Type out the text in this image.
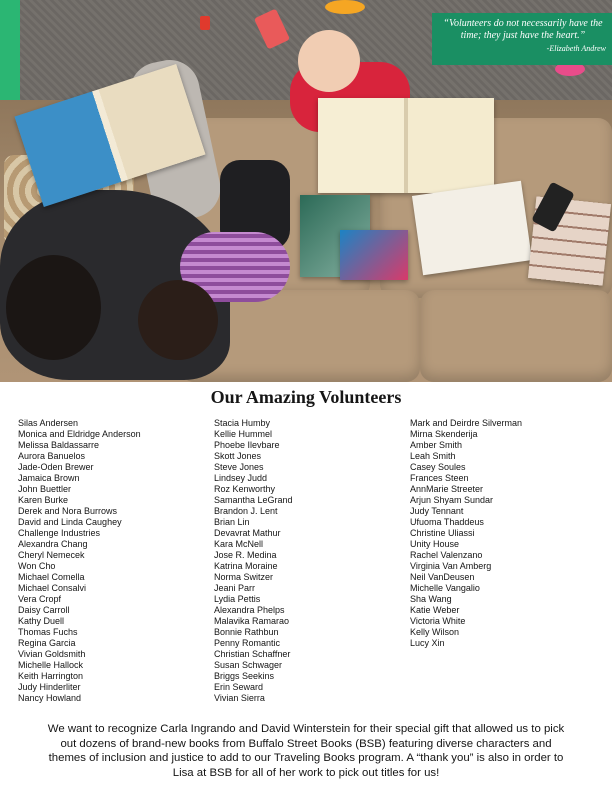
“Volunteers do not necessarily have the time; they just have the heart.”
-Elizabeth Andrew
Our Amazing Volunteers
Silas Andersen
Monica and Eldridge Anderson
Melissa Baldassarre
Aurora Banuelos
Jade-Oden Brewer
Jamaica Brown
John Buettler
Karen Burke
Derek and Nora Burrows
David and Linda Caughey
Challenge Industries
Alexandra Chang
Cheryl Nemecek
Won Cho
Michael Comella
Michael Consalvi
Vera Cropf
Daisy Carroll
Kathy Duell
Thomas Fuchs
Regina Garcia
Vivian Goldsmith
Michelle Hallock
Keith Harrington
Judy Hinderliter
Nancy Howland
Stacia Humby
Kellie Hummel
Phoebe Ilevbare
Skott Jones
Steve Jones
Lindsey Judd
Roz Kenworthy
Samantha LeGrand
Brandon J. Lent
Brian Lin
Devavrat Mathur
Kara McNell
Jose R. Medina
Katrina Moraine
Norma Switzer
Jeani Parr
Lydia Pettis
Alexandra Phelps
Malavika Ramarao
Bonnie Rathbun
Penny Romantic
Christian Schaffner
Susan Schwager
Briggs Seekins
Erin Seward
Vivian Sierra
Mark and Deirdre Silverman
Mirna Skenderija
Amber Smith
Leah Smith
Casey Soules
Frances Steen
AnnMarie Streeter
Arjun Shyam Sundar
Judy Tennant
Ufuoma Thaddeus
Christine Uliassi
Unity House
Rachel Valenzano
Virginia Van Amberg
Neil VanDeusen
Michelle Vangalio
Sha Wang
Katie Weber
Victoria White
Kelly Wilson
Lucy Xin

We want to recognize Carla Ingrando and David Winterstein for their special gift that allowed us to pick out dozens of brand-new books from Buffalo Street Books (BSB) featuring diverse characters and themes of inclusion and justice to add to our Traveling Books program. A “thank you” is also in order to Lisa at BSB for all of her work to pick out titles for us!
